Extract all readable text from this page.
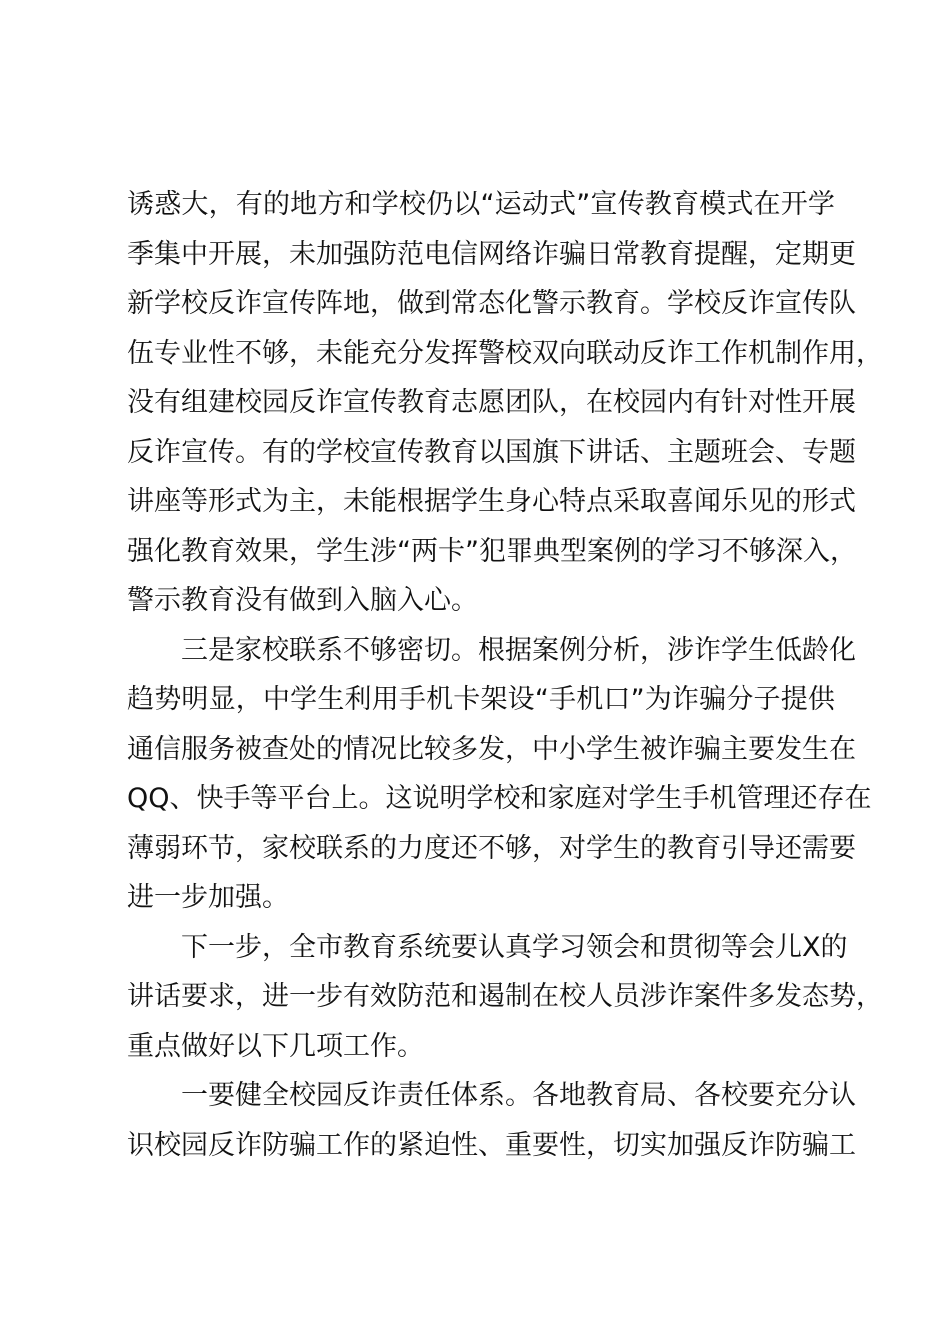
诱 惑 大 ， 有 的 地 方 和 学 校 仍 以 “ 运 动 式 ” 宣 传 教 育 模 式 在 开 学
季 集 中 开 展 ， 未 加 强 防 范 电 信 网 络 诈 骗 日 常 教 育 提 醒 ， 定 期 更
新 学 校 反 诈 宣 传 阵 地 ， 做 到 常 态 化 警 示 教 育 。 学 校 反 诈 宣 传 队
伍 专 业 性 不 够 ， 未 能 充 分 发 挥 警 校 双 向 联 动 反 诈 工 作 机 制 作 用 ，
没 有 组 建 校 园 反 诈 宣 传 教 育 志 愿 团 队 ， 在 校 园 内 有 针 对 性 开 展
反 诈 宣 传 。 有 的 学 校 宣 传 教 育 以 国 旗 下 讲 话 、 主 题 班 会 、 专 题
讲 座 等 形 式 为 主 ， 未 能 根 据 学 生 身 心 特 点 采 取 喜 闻 乐 见 的 形 式
强 化 教 育 效 果 ， 学 生 涉 “ 两 卡 ” 犯 罪 典 型 案 例 的 学 习 不 够 深 入 ，
警示教育没有做到入脑入心。
三 是 家 校 联 系 不 够 密 切 。 根 据 案 例 分 析 ， 涉 诈 学 生 低 龄 化
趋 势 明 显 ， 中 学 生 利 用 手 机 卡 架 设 “ 手 机 口 ” 为 诈 骗 分 子 提 供
通 信 服 务 被 查 处 的 情 况 比 较 多 发 ， 中 小 学 生 被 诈 骗 主 要 发 生 在
QQ 、 快 手 等 平 台 上 。 这 说 明 学 校 和 家 庭 对 学 生 手 机 管 理 还 存 在
薄 弱 环 节 ， 家 校 联 系 的 力 度 还 不 够 ， 对 学 生 的 教 育 引 导 还 需 要
进一步加强。
下 一 步 ， 全 市 教 育 系 统 要 认 真 学 习 领 会 和 贯 彻 等 会 儿 X 的
讲 话 要 求 ， 进 一 步 有 效 防 范 和 遏 制 在 校 人 员 涉 诈 案 件 多 发 态 势 ，
重点做好以下几项工作。
一 要 健 全 校 园 反 诈 责 任 体 系 。 各 地 教 育 局 、 各 校 要 充 分 认
识 校 园 反 诈 防 骗 工 作 的 紧 迫 性 、 重 要 性 ， 切 实 加 强 反 诈 防 骗 工
